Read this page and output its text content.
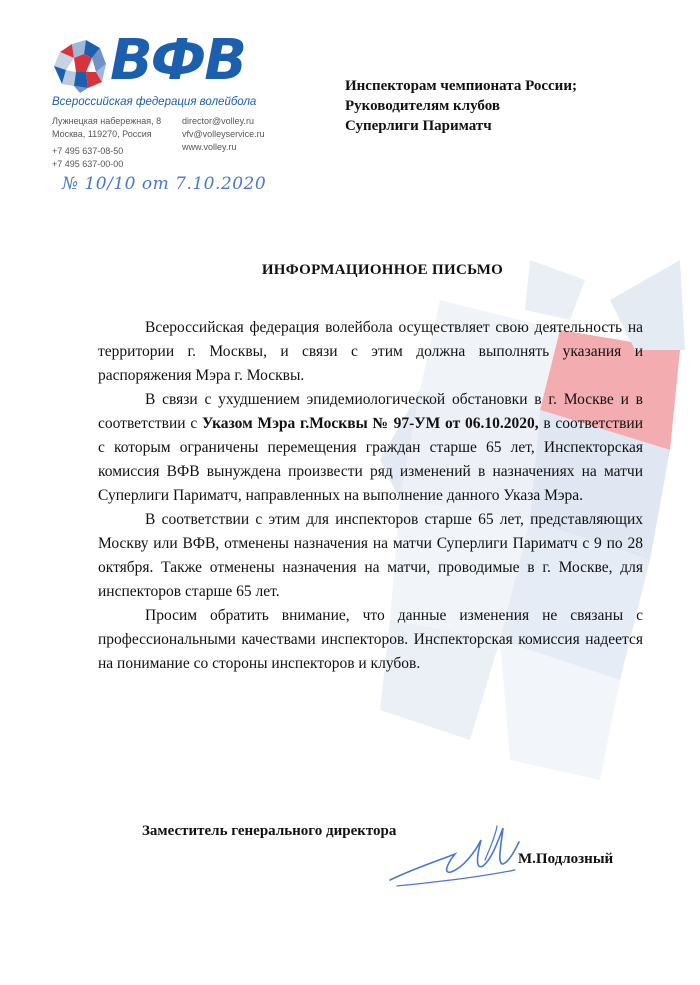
ВФВ
Всероссийская федерация волейбола
Лужнецкая набережная, 8
Москва, 119270, Россия
director@volley.ru
vfv@volleyservice.ru
www.volley.ru
+7 495 637-08-50
+7 495 637-00-00
№ 10/10 от 7.10.2020
Инспекторам чемпионата России;
Руководителям клубов
Суперлиги Париматч
ИНФОРМАЦИОННОЕ ПИСЬМО

Всероссийская федерация волейбола осуществляет свою деятельность на территории г. Москвы, и связи с этим должна выполнять указания и распоряжения Мэра г. Москвы.

В связи с ухудшением эпидемиологической обстановки в г. Москве и в соответствии с Указом Мэра г.Москвы № 97-УМ от 06.10.2020, в соответствии с которым ограничены перемещения граждан старше 65 лет, Инспекторская комиссия ВФВ вынуждена произвести ряд изменений в назначениях на матчи Суперлиги Париматч, направленных на выполнение данного Указа Мэра.

В соответствии с этим для инспекторов старше 65 лет, представляющих Москву или ВФВ, отменены назначения на матчи Суперлиги Париматч с 9 по 28 октября. Также отменены назначения на матчи, проводимые в г. Москве, для инспекторов старше 65 лет.

Просим обратить внимание, что данные изменения не связаны с профессиональными качествами инспекторов. Инспекторская комиссия надеется на понимание со стороны инспекторов и клубов.

Заместитель генерального директора
М.Подлозный
